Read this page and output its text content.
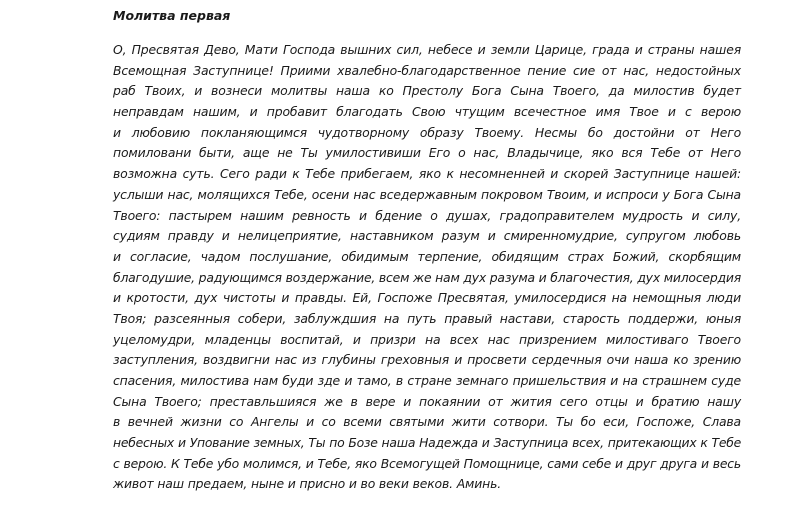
Молитва первая
О, Пресвятая Дево, Мати Господа вышних сил, небесе и земли Царице, града и страны нашея
Всемощная Заступнице! Приими хвалебно-благодарственное пение сие от нас, недостойных
раб Твоих, и вознеси молитвы наша ко Престолу Бога Сына Твоего, да милостив будет
неправдам нашим, и пробавит благодать Свою чтущим всечестное имя Твое и с верою
и любовию покланяющимся чудотворному образу Твоему. Несмы бо достойни от Него
помиловани быти, аще не Ты умилостивиши Его о нас, Владычице, яко вся Тебе от Него
возможна суть. Сего ради к Тебе прибегаем, яко к несомненней и скорей Заступнице нашей:
услыши нас, молящихся Тебе, осени нас вседержавным покровом Твоим, и испроси у Бога Сына
Твоего: пастырем нашим ревность и бдение о душах, градоправителем мудрость и силу,
судиям правду и нелицеприятие, наставником разум и смиренномудрие, супругом любовь
и согласие, чадом послушание, обидимым терпение, обидящим страх Божий, скорбящим
благодушие, радующимся воздержание, всем же нам дух разума и благочестия, дух милосердия
и кротости, дух чистоты и правды. Ей, Госпоже Пресвятая, умилосердися на немощныя люди
Твоя; разсеянныя собери, заблуждшия на путь правый настави, старость поддержи, юныя
уцеломудри, младенцы воспитай, и призри на всех нас призрением милостиваго Твоего
заступления, воздвигни нас из глубины греховныя и просвети сердечныя очи наша ко зрению
спасения, милостива нам буди зде и тамо, в стране земнаго пришельствия и на страшнем суде
Сына Твоего; преставльшияся же в вере и покаянии от жития сего отцы и братию нашу
в вечней жизни со Ангелы и со всеми святыми жити сотвори. Ты бо еси, Госпоже, Слава
небесных и Упование земных, Ты по Бозе наша Надежда и Заступница всех, притекающих к Тебе
с верою. К Тебе убо молимся, и Тебе, яко Всемогущей Помощнице, сами себе и друг друга и весь
живот наш предаем, ныне и присно и во веки веков. Аминь.
